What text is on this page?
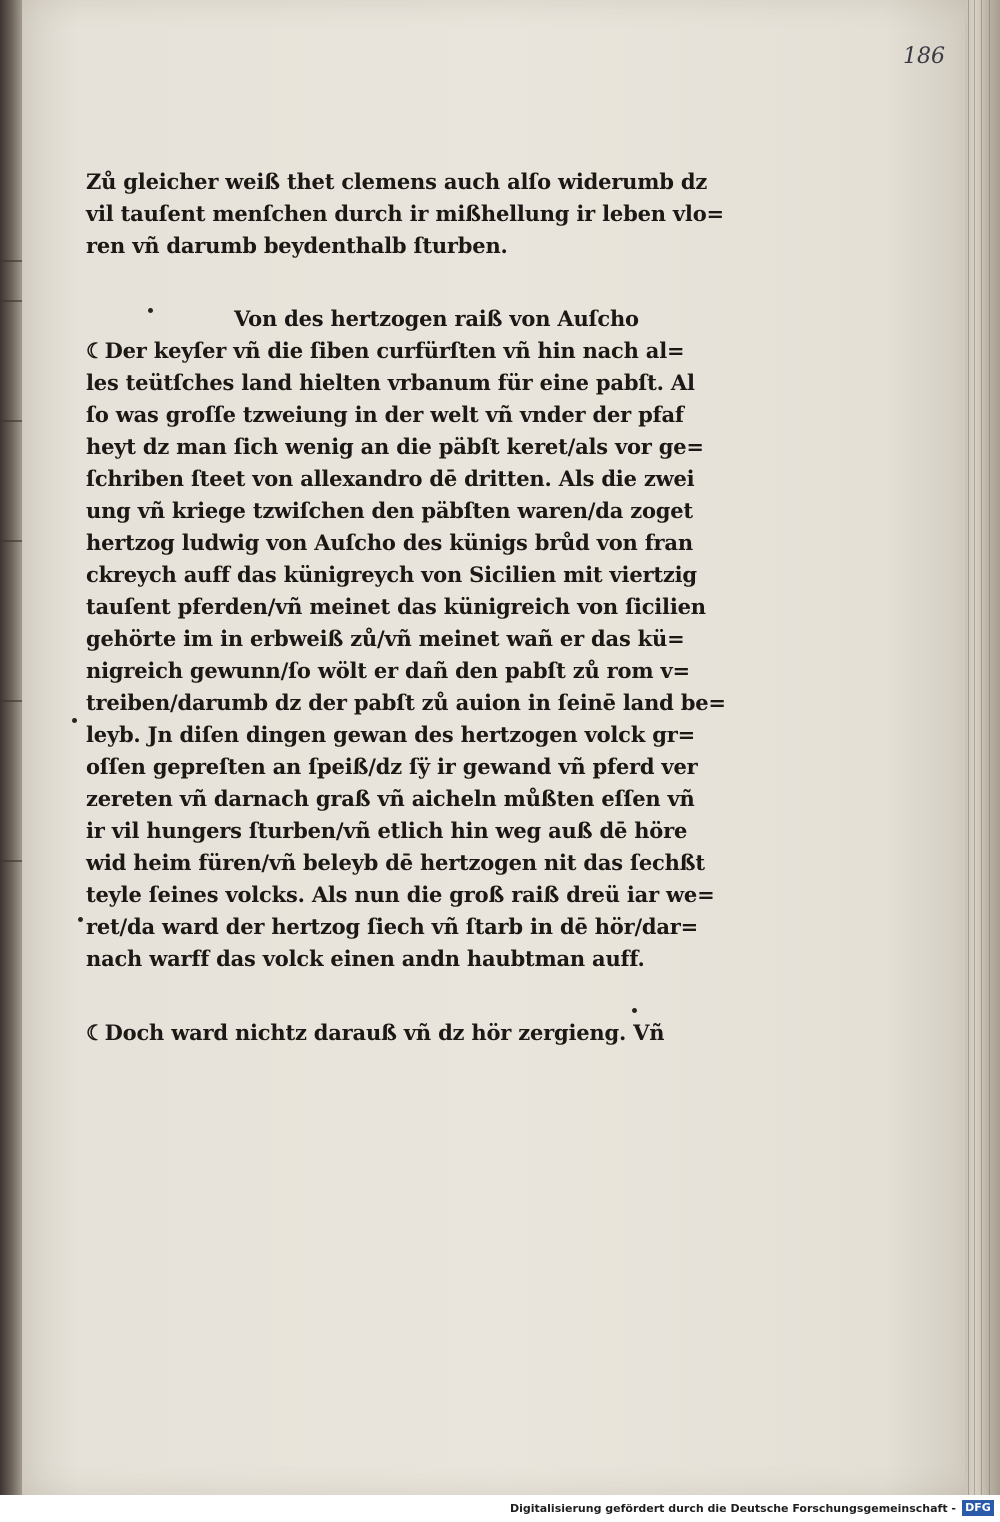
186
Zů gleicher weiß thet clemens auch alſo widerumb dz
vil tauſent menſchen durch ir mißhellung ir leben vlo=
ren vñ darumb beydenthalb ſturben.
Von des hertzogen raiß von Auſcho
☾Der keyſer vñ die ſiben curfürſten vñ hin nach al=
les teütſches land hielten vrbanum für eine pabſt. Al
ſo was groſſe tzweiung in der welt vñ vnder der pfaf
heyt dz man ſich wenig an die päbſt keret/als vor ge=
ſchriben ſteet von allexandro dē dritten. Als die zwei
ung vñ kriege tzwiſchen den päbſten waren/da zoget
hertzog ludwig von Auſcho des künigs brůd von fran
ckreych auff das künigreych von Sicilien mit viertzig
tauſent pferden/vñ meinet das künigreich von ſicilien
gehörte im in erbweiß zů/vñ meinet wañ er das kü=
nigreich gewunn/ſo wölt er dañ den pabſt zů rom v=
treiben/darumb dz der pabſt zů auion in ſeinē land be=
leyb. Jn diſen dingen gewan des hertzogen volck gr=
oſſen gepreſten an ſpeiß/dz ſÿ ir gewand vñ pferd ver
zereten vñ darnach graß vñ aicheln můßten eſſen vñ
ir vil hungers ſturben/vñ etlich hin weg auß dē höre
wid heim füren/vñ beleyb dē hertzogen nit das ſechßt
teyle ſeines volcks. Als nun die groß raiß dreü iar we=
ret/da ward der hertzog ſiech vñ ſtarb in dē hör/dar=
nach warff das volck einen andn haubtman auff.
☾Doch ward nichtz darauß vñ dz hör zergieng. Vñ
Digitalisierung gefördert durch die Deutsche Forschungsgemeinschaft - DFG
